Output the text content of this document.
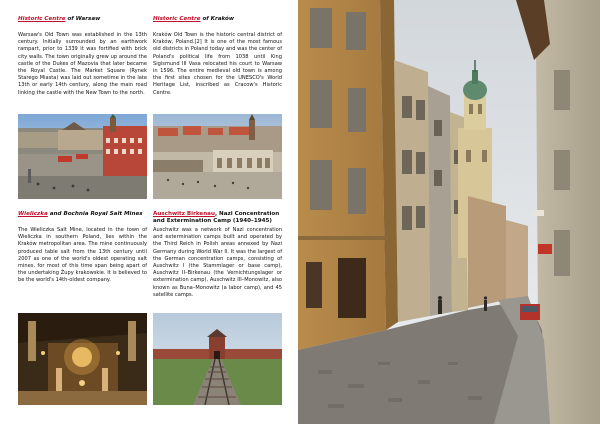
Historic Centre of Warsaw

Warsaw's Old Town was established in the 13th century. Initially surrounded by an earthwork rampart, prior to 1339 it was fortified with brick city walls. The town originally grew up around the castle of the Dukes of Mazovia that later became the Royal Castle. The Market Square (Rynek Starego Miasta) was laid out sometime in the late 13th or early 14th century, along the main road linking the castle with the New Town to the north.

Historic Centre of Kraków

Kraków Old Town is the historic central district of Kraków, Poland.[2] It is one of the most famous old districts in Poland today and was the center of Poland's political life from 1038 until King Sigismund III Vasa relocated his court to Warsaw in 1596. The entire medieval old town is among the first sites chosen for the UNESCO's World Heritage List, inscribed as Cracow's Historic Centre.

Wieliczka and Bochnia Royal Salt Mines

The Wieliczka Salt Mine, located in the town of Wieliczka in southern Poland, lies within the Kraków metropolitan area. The mine continuously produced table salt from the 13th century until 2007 as one of the world's oldest operating salt mines, for most of this time span being apart of the undertaking Żupy krakowskie. It is believed to be the world's 14th-oldest company.

Auschwitz Birkenau, Nazi Concentration and Extermination Camp (1940–1945)

Auschwitz was a network of Nazi concentration and extermination camps built and operated by the Third Reich in Polish areas annexed by Nazi Germany during World War II. It was the largest of the German concentration camps, consisting of Auschwitz I (the Stammlager or base camp), Auschwitz II–Birkenau (the Vernichtungslager or extermination camp), Auschwitz III–Monowitz, also known as Buna–Monowitz (a labor camp), and 45 satellite camps.
